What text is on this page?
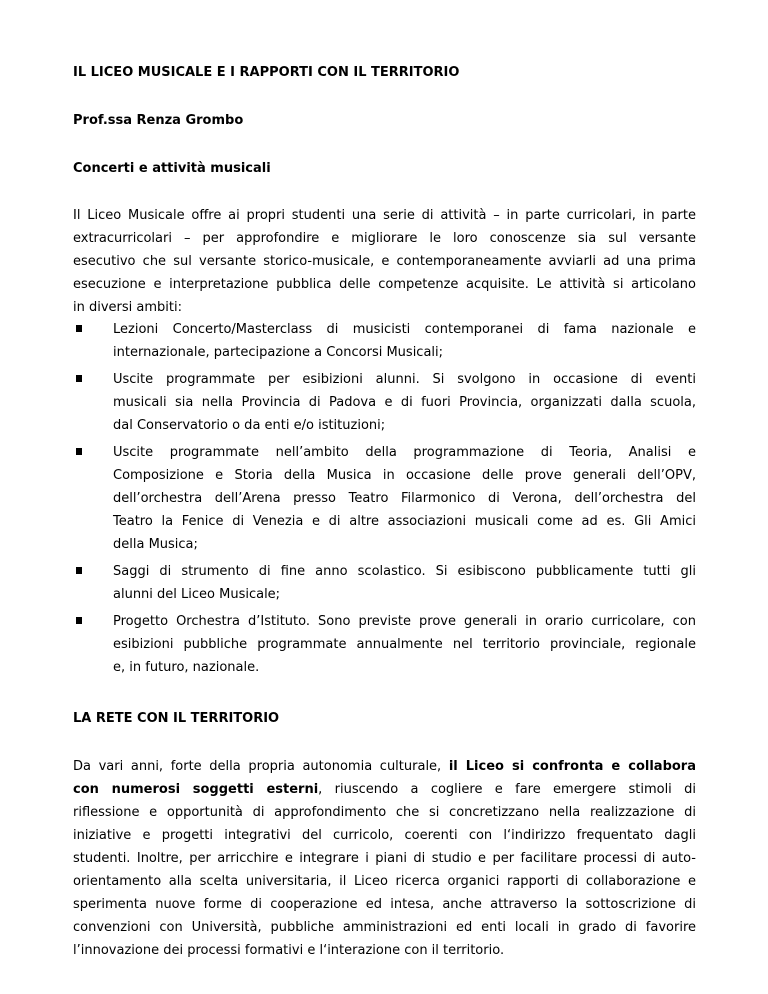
IL LICEO MUSICALE E I RAPPORTI CON IL TERRITORIO

Prof.ssa Renza Grombo

Concerti e attività musicali

Il Liceo Musicale offre ai propri studenti una serie di attività – in parte curricolari, in parte
extracurricolari – per approfondire e migliorare le loro conoscenze sia sul versante
esecutivo che sul versante storico-musicale, e contemporaneamente avviarli ad una prima
esecuzione e interpretazione pubblica delle competenze acquisite. Le attività si articolano
in diversi ambiti:

Lezioni Concerto/Masterclass di musicisti contemporanei di fama nazionale e
internazionale, partecipazione a Concorsi Musicali;
Uscite programmate per esibizioni alunni. Si svolgono in occasione di eventi
musicali sia nella Provincia di Padova e di fuori Provincia, organizzati dalla scuola,
dal Conservatorio o da enti e/o istituzioni;
Uscite programmate nell’ambito della programmazione di Teoria, Analisi e
Composizione e Storia della Musica in occasione delle prove generali dell’OPV,
dell’orchestra dell’Arena presso Teatro Filarmonico di Verona, dell’orchestra del
Teatro la Fenice di Venezia e di altre associazioni musicali come ad es. Gli Amici
della Musica;
Saggi di strumento di fine anno scolastico. Si esibiscono pubblicamente tutti gli
alunni del Liceo Musicale;
Progetto Orchestra d’Istituto. Sono previste prove generali in orario curricolare, con
esibizioni pubbliche programmate annualmente nel territorio provinciale, regionale
e, in futuro, nazionale.
LA RETE CON IL TERRITORIO

Da vari anni, forte della propria autonomia culturale, il Liceo si confronta e collabora
con numerosi soggetti esterni, riuscendo a cogliere e fare emergere stimoli di
riflessione e opportunità di approfondimento che si concretizzano nella realizzazione di
iniziative e progetti integrativi del curricolo, coerenti con l‘indirizzo frequentato dagli
studenti. Inoltre, per arricchire e integrare i piani di studio e per facilitare processi di auto-
orientamento alla scelta universitaria, il Liceo ricerca organici rapporti di collaborazione e
sperimenta nuove forme di cooperazione ed intesa, anche attraverso la sottoscrizione di
convenzioni con Università, pubbliche amministrazioni ed enti locali in grado di favorire
l’innovazione dei processi formativi e l‘interazione con il territorio.
